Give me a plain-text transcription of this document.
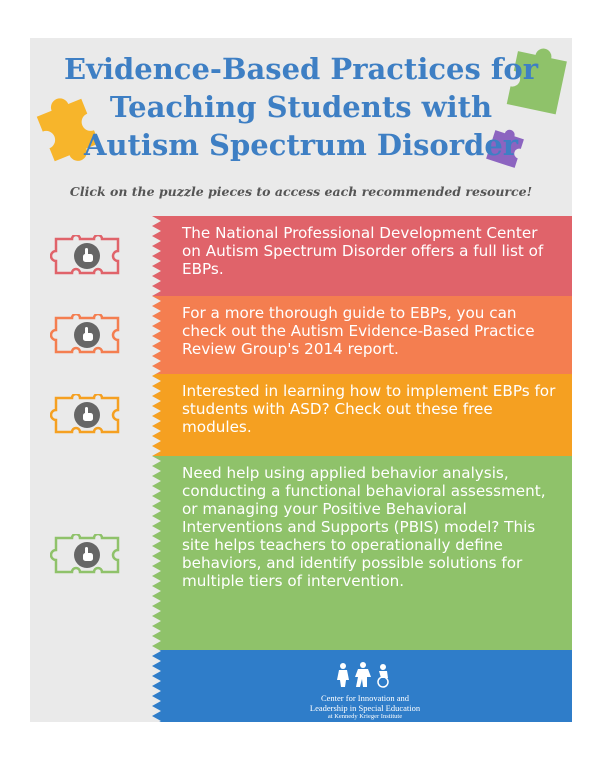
Evidence-Based Practices for
Teaching Students with
Autism Spectrum Disorder
Click on the puzzle pieces to access each recommended resource!
The National Professional Development Center on Autism Spectrum Disorder offers a full list of EBPs.
For a more thorough guide to EBPs, you can check out the Autism Evidence-Based Practice Review Group's 2014 report.
Interested in learning how to implement EBPs for students with ASD? Check out these free modules.
Need help using applied behavior analysis, conducting a functional behavioral assessment, or managing your Positive Behavioral Interventions and Supports (PBIS) model? This site helps teachers to operationally define behaviors, and identify possible solutions for multiple tiers of intervention.
Center for Innovation and
Leadership in Special Education
at Kennedy Krieger Institute
